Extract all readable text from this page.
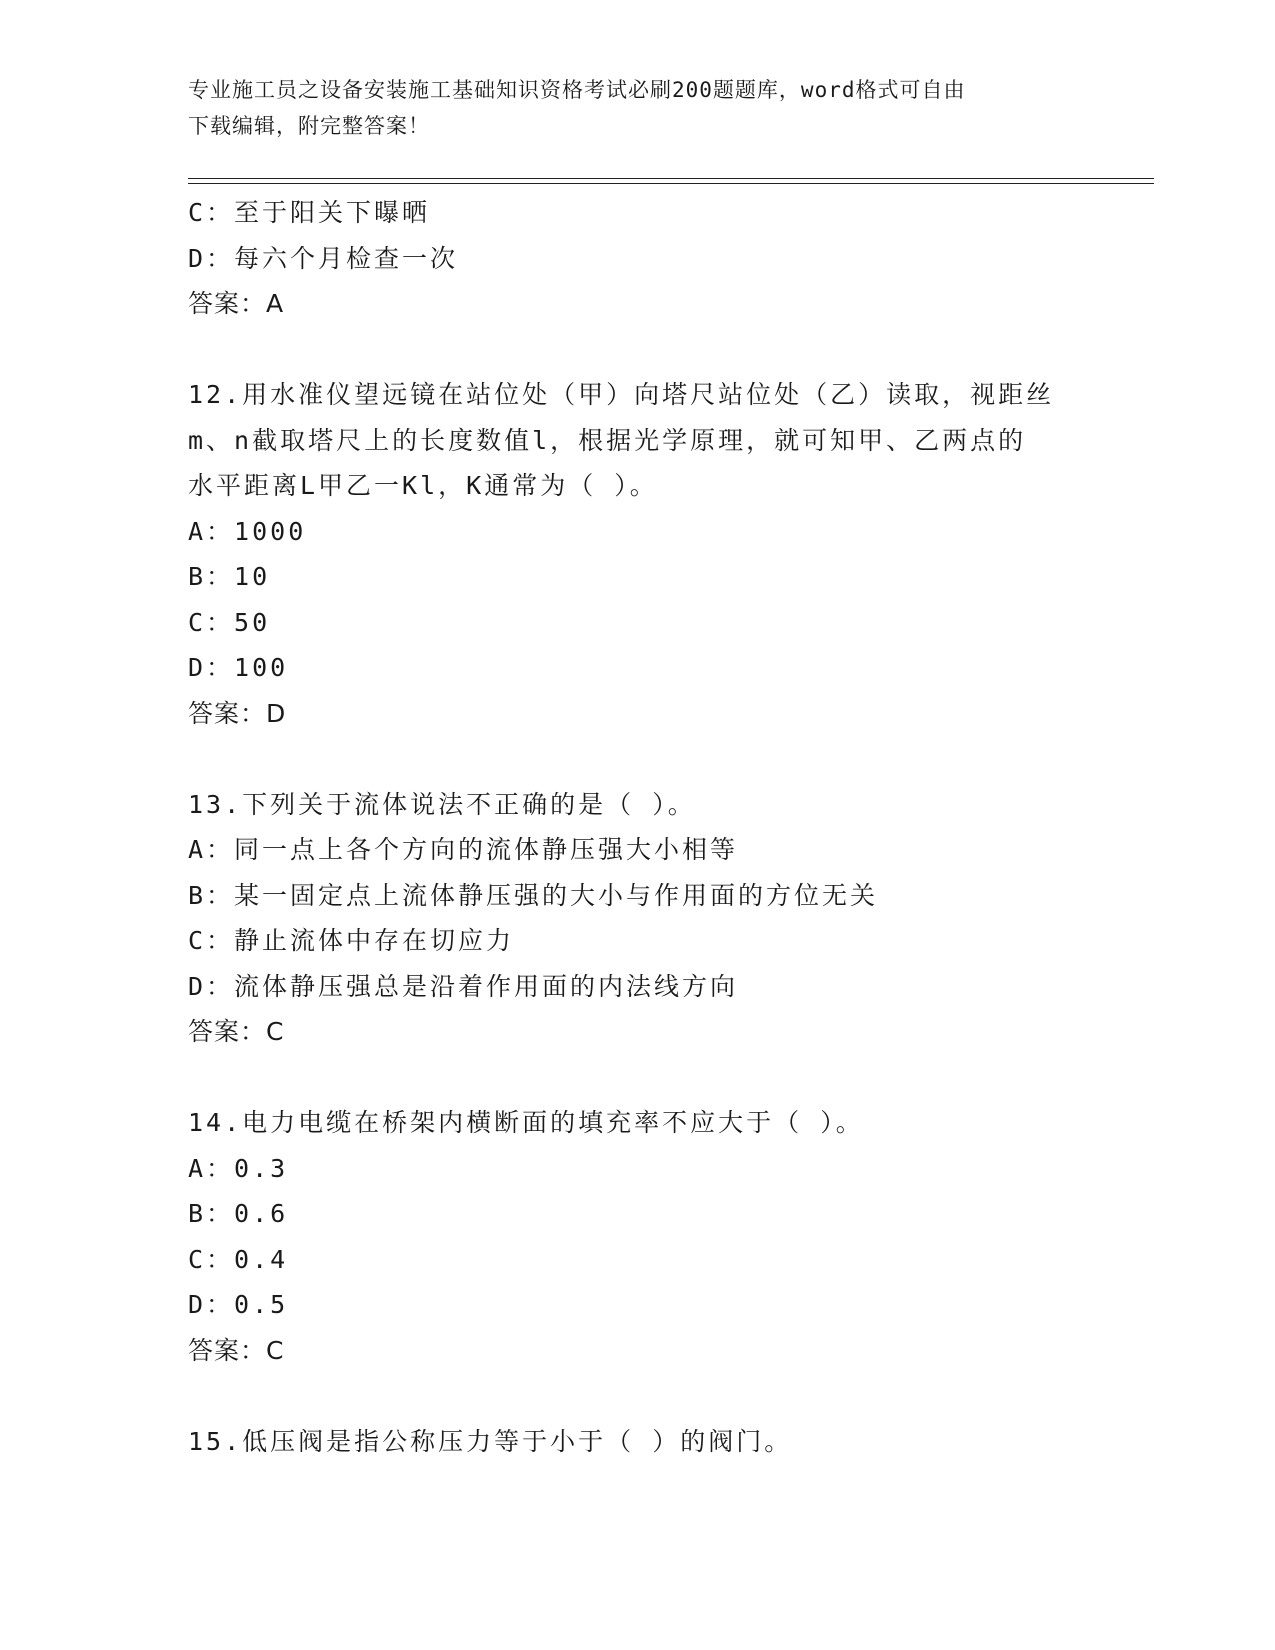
专业施工员之设备安装施工基础知识资格考试必刷200题题库，word格式可自由
下载编辑，附完整答案！
C：至于阳关下曝晒
D：每六个月检查一次
答案：A
12.用水准仪望远镜在站位处（甲）向塔尺站位处（乙）读取，视距丝
m、n截取塔尺上的长度数值l，根据光学原理，就可知甲、乙两点的
水平距离L甲乙一Kl，K通常为（ ）。
A：1000
B：10
C：50
D：100
答案：D
13.下列关于流体说法不正确的是（ ）。
A：同一点上各个方向的流体静压强大小相等
B：某一固定点上流体静压强的大小与作用面的方位无关
C：静止流体中存在切应力
D：流体静压强总是沿着作用面的内法线方向
答案：C
14.电力电缆在桥架内横断面的填充率不应大于（ ）。
A：0.3
B：0.6
C：0.4
D：0.5
答案：C
15.低压阀是指公称压力等于小于（ ）的阀门。
